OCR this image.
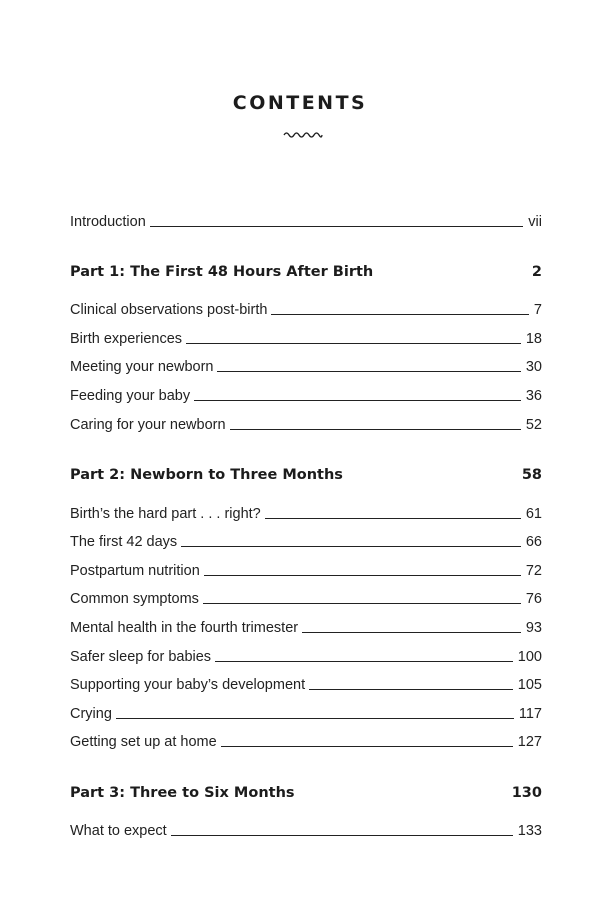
CONTENTS
Introduction	vii
Part 1: The First 48 Hours After Birth	2
Clinical observations post-birth	7
Birth experiences	18
Meeting your newborn	30
Feeding your baby	36
Caring for your newborn	52
Part 2: Newborn to Three Months	58
Birth’s the hard part . . . right?	61
The first 42 days	66
Postpartum nutrition	72
Common symptoms	76
Mental health in the fourth trimester	93
Safer sleep for babies	100
Supporting your baby’s development	105
Crying	117
Getting set up at home	127
Part 3: Three to Six Months	130
What to expect	133
